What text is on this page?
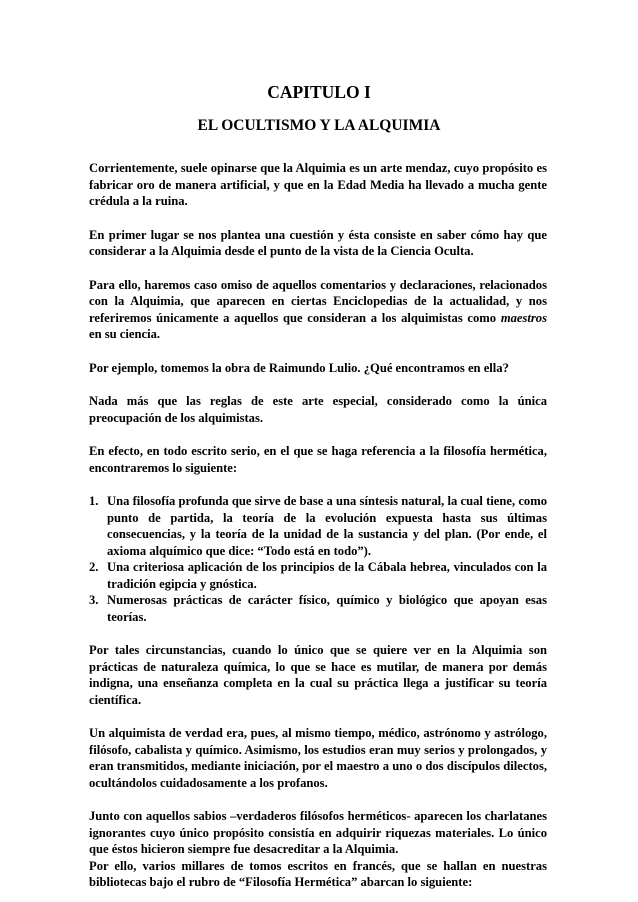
CAPITULO I
EL OCULTISMO Y LA ALQUIMIA

Corrientemente, suele opinarse que la Alquimia es un arte mendaz, cuyo propósito es fabricar oro de manera artificial, y que en la Edad Media ha llevado a mucha gente crédula a la ruina.

En primer lugar se nos plantea una cuestión y ésta consiste en saber cómo hay que considerar a la Alquimia desde el punto de la vista de la Ciencia Oculta.

Para ello, haremos caso omiso de aquellos comentarios y declaraciones, relacionados con la Alquimia, que aparecen en ciertas Enciclopedias de la actualidad, y nos referiremos únicamente a aquellos que consideran a los alquimistas como maestros en su ciencia.

Por ejemplo, tomemos la obra de Raimundo Lulio. ¿Qué encontramos en ella?

Nada más que las reglas de este arte especial, considerado como la única preocupación de los alquimistas.

En efecto, en todo escrito serio, en el que se haga referencia a la filosofía hermética, encontraremos lo siguiente:

1. Una filosofía profunda que sirve de base a una síntesis natural, la cual tiene, como punto de partida, la teoría de la evolución expuesta hasta sus últimas consecuencias, y la teoría de la unidad de la sustancia y del plan. (Por ende, el axioma alquímico que dice: “Todo está en todo”).
2. Una criteriosa aplicación de los principios de la Cábala hebrea, vinculados con la tradición egipcia y gnóstica.
3. Numerosas prácticas de carácter físico, químico y biológico que apoyan esas teorías.

Por tales circunstancias, cuando lo único que se quiere ver en la Alquimia son prácticas de naturaleza química, lo que se hace es mutilar, de manera por demás indigna, una enseñanza completa en la cual su práctica llega a justificar su teoría científica.

Un alquimista de verdad era, pues, al mismo tiempo, médico, astrónomo y astrólogo, filósofo, cabalista y químico. Asimismo, los estudios eran muy serios y prolongados, y eran transmitidos, mediante iniciación, por el maestro a uno o dos discípulos dilectos, ocultándolos cuidadosamente a los profanos.

Junto con aquellos sabios –verdaderos filósofos herméticos- aparecen los charlatanes ignorantes cuyo único propósito consistía en adquirir riquezas materiales. Lo único que éstos hicieron siempre fue desacreditar a la Alquimia.

Por ello, varios millares de tomos escritos en francés, que se hallan en nuestras bibliotecas bajo el rubro de “Filosofía Hermética” abarcan lo siguiente:
